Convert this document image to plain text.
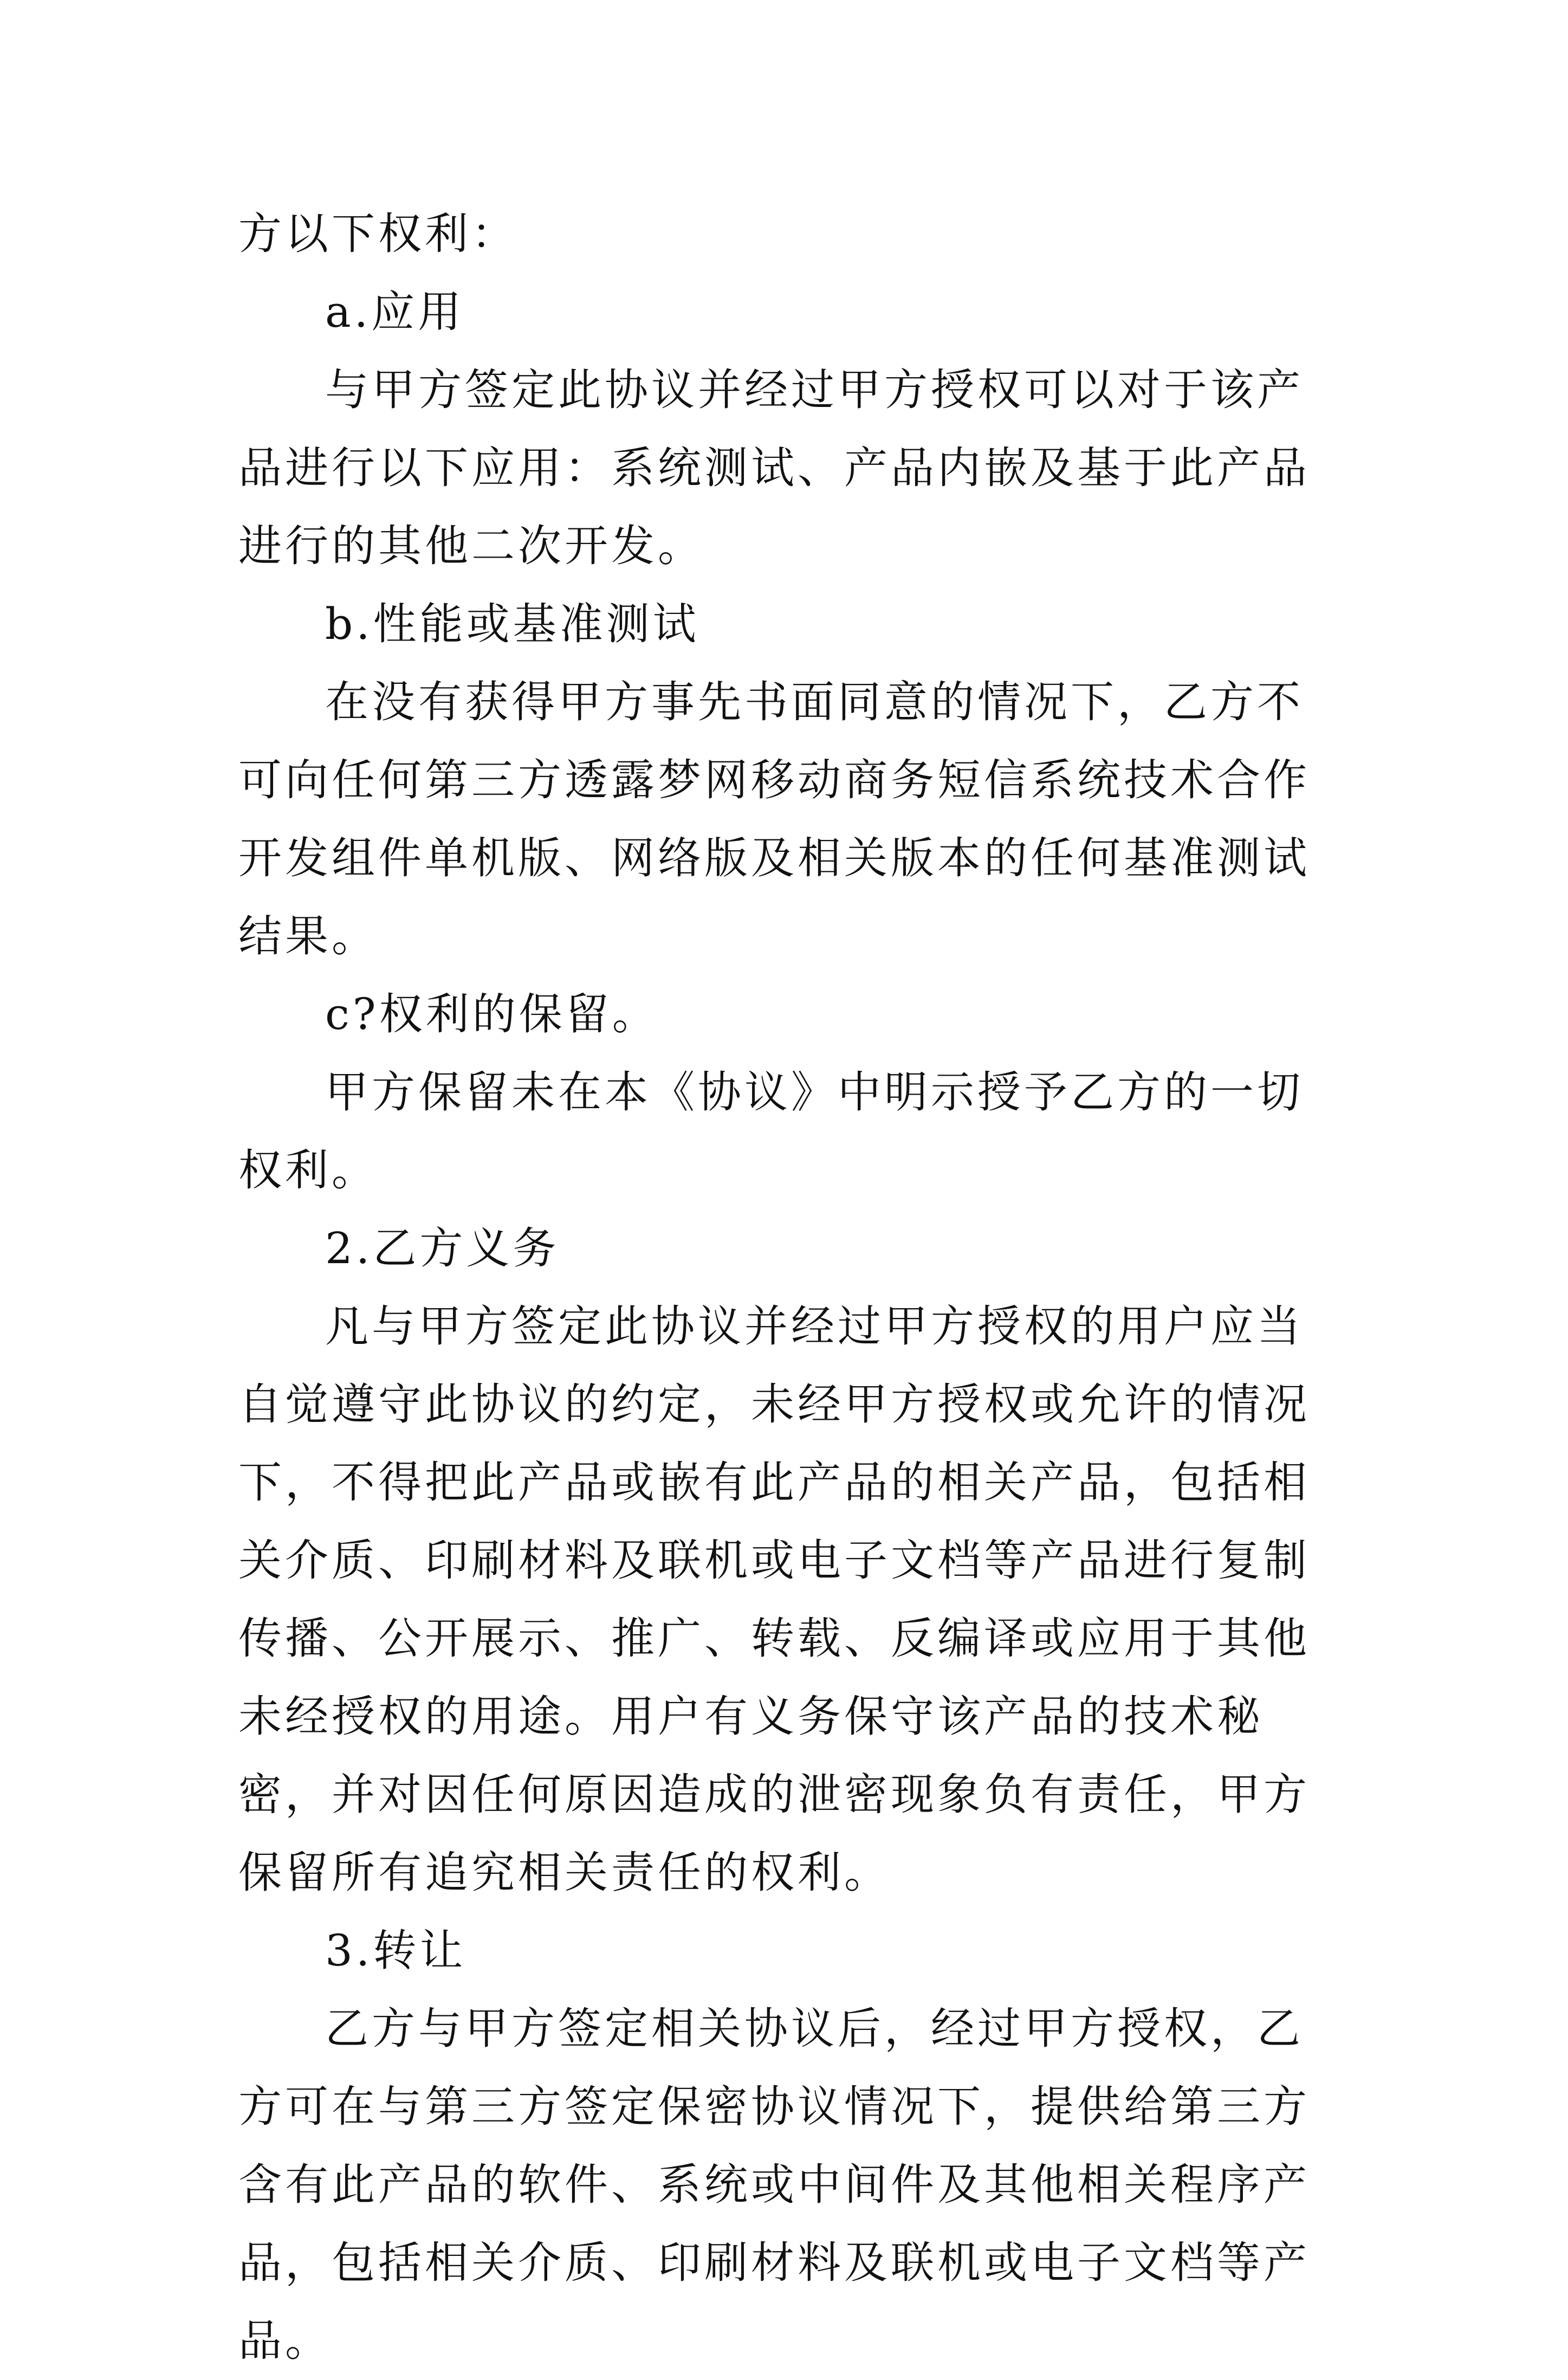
方以下权利：

a.应用

与甲方签定此协议并经过甲方授权可以对于该产品进行以下应用：系统测试、产品内嵌及基于此产品进行的其他二次开发。

b.性能或基准测试

在没有获得甲方事先书面同意的情况下，乙方不可向任何第三方透露梦网移动商务短信系统技术合作开发组件单机版、网络版及相关版本的任何基准测试结果。

c?权利的保留。

甲方保留未在本《协议》中明示授予乙方的一切权利。

2.乙方义务

凡与甲方签定此协议并经过甲方授权的用户应当自觉遵守此协议的约定，未经甲方授权或允许的情况下，不得把此产品或嵌有此产品的相关产品，包括相关介质、印刷材料及联机或电子文档等产品进行复制传播、公开展示、推广、转载、反编译或应用于其他未经授权的用途。用户有义务保守该产品的技术秘密，并对因任何原因造成的泄密现象负有责任，甲方保留所有追究相关责任的权利。

3.转让

乙方与甲方签定相关协议后，经过甲方授权，乙方可在与第三方签定保密协议情况下，提供给第三方含有此产品的软件、系统或中间件及其他相关程序产品，包括相关介质、印刷材料及联机或电子文档等产品。
